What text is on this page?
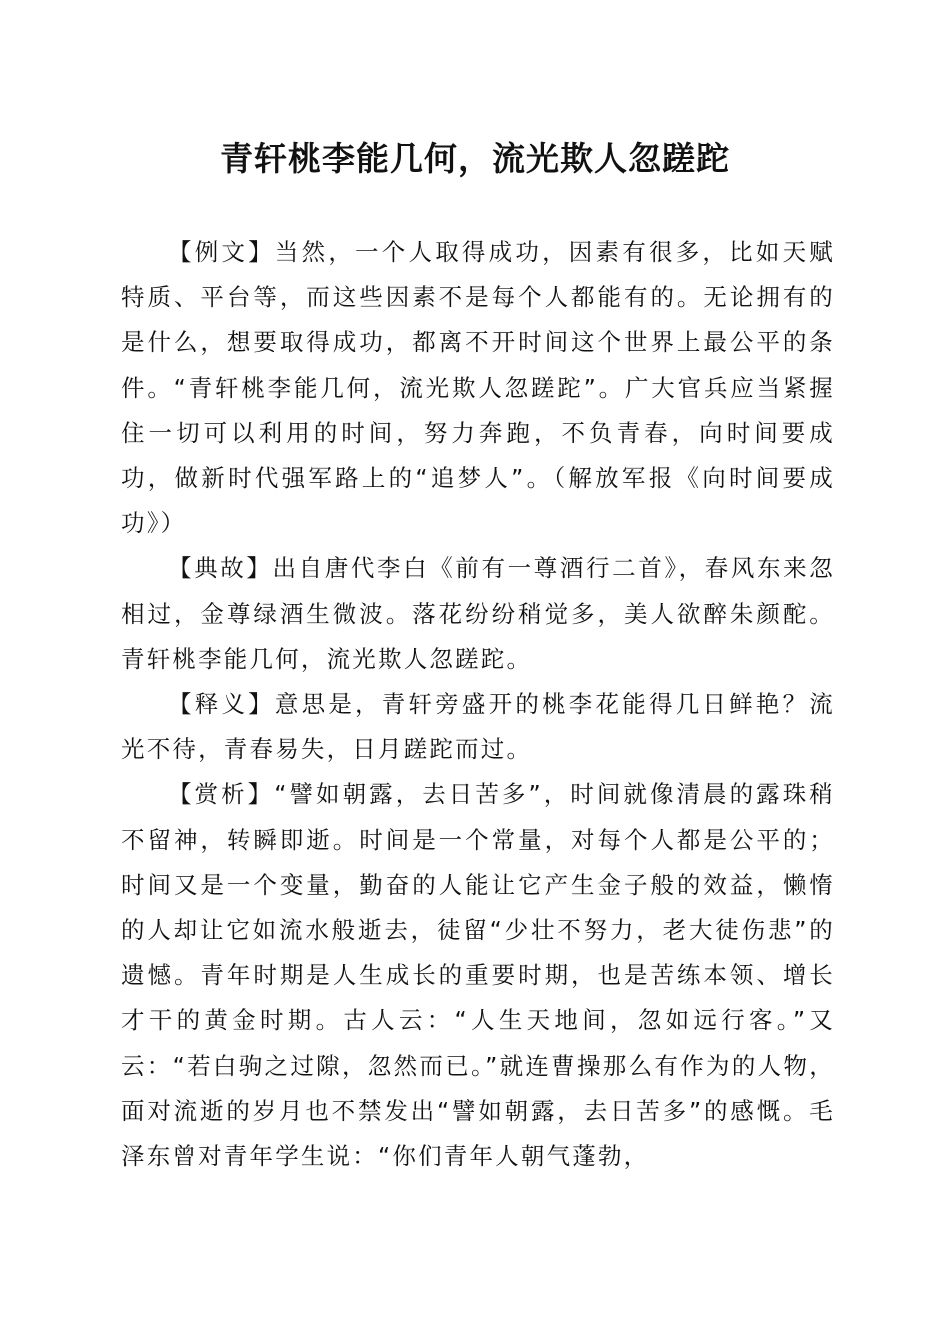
青轩桃李能几何，流光欺人忽蹉跎

【例文】当然，一个人取得成功，因素有很多，比如天赋特质、平台等，而这些因素不是每个人都能有的。无论拥有的是什么，想要取得成功，都离不开时间这个世界上最公平的条件。“青轩桃李能几何，流光欺人忽蹉跎”。广大官兵应当紧握住一切可以利用的时间，努力奔跑，不负青春，向时间要成功，做新时代强军路上的“追梦人”。（解放军报《向时间要成功》）

【典故】出自唐代李白《前有一尊酒行二首》，春风东来忽相过，金尊绿酒生微波。落花纷纷稍觉多，美人欲醉朱颜酡。青轩桃李能几何，流光欺人忽蹉跎。

【释义】意思是，青轩旁盛开的桃李花能得几日鲜艳？流光不待，青春易失，日月蹉跎而过。

【赏析】“譬如朝露，去日苦多”，时间就像清晨的露珠稍不留神，转瞬即逝。时间是一个常量，对每个人都是公平的；时间又是一个变量，勤奋的人能让它产生金子般的效益，懒惰的人却让它如流水般逝去，徒留“少壮不努力，老大徒伤悲”的遗憾。青年时期是人生成长的重要时期，也是苦练本领、增长才干的黄金时期。古人云：“人生天地间，忽如远行客。”又云：“若白驹之过隙，忽然而已。”就连曹操那么有作为的人物，面对流逝的岁月也不禁发出“譬如朝露，去日苦多”的感慨。毛泽东曾对青年学生说：“你们青年人朝气蓬勃，
